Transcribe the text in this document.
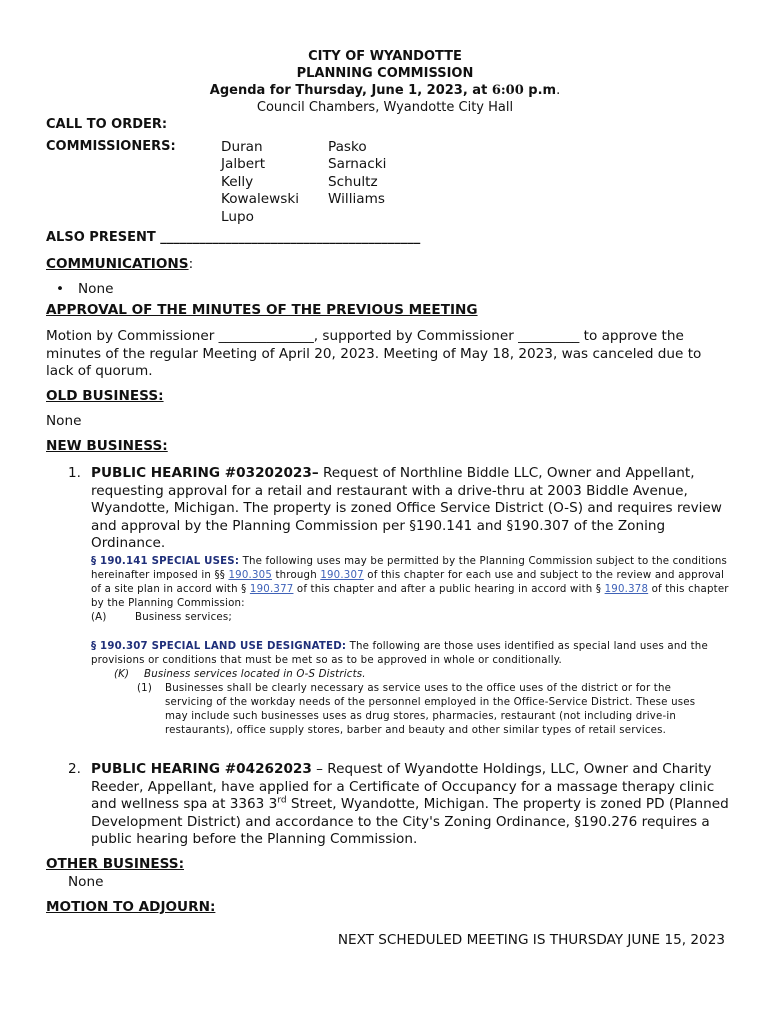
CITY OF WYANDOTTE
PLANNING COMMISSION
Agenda for Thursday, June 1, 2023, at 6:00 p.m.
Council Chambers, Wyandotte City Hall
CALL TO ORDER:
COMMISSIONERS:	Duran
Jalbert
Kelly
Kowalewski
Lupo
Pasko
Sarnacki
Schultz
Williams
ALSO PRESENT ________________________________________
COMMUNICATIONS:
• None
APPROVAL OF THE MINUTES OF THE PREVIOUS MEETING
Motion by Commissioner ______________, supported by Commissioner _________ to approve the minutes of the regular Meeting of April 20, 2023. Meeting of May 18, 2023, was canceled due to lack of quorum.
OLD BUSINESS:
None
NEW BUSINESS:
1. PUBLIC HEARING #03202023– Request of Northline Biddle LLC, Owner and Appellant, requesting approval for a retail and restaurant with a drive-thru at 2003 Biddle Avenue, Wyandotte, Michigan. The property is zoned Office Service District (O-S) and requires review and approval by the Planning Commission per §190.141 and §190.307 of the Zoning Ordinance.
§ 190.141 SPECIAL USES: The following uses may be permitted by the Planning Commission subject to the conditions hereinafter imposed in §§ 190.305 through 190.307 of this chapter for each use and subject to the review and approval of a site plan in accord with § 190.377 of this chapter and after a public hearing in accord with § 190.378 of this chapter by the Planning Commission:
(A)	Business services;
§ 190.307 SPECIAL LAND USE DESIGNATED: The following are those uses identified as special land uses and the provisions or conditions that must be met so as to be approved in whole or conditionally.
(K) Business services located in O-S Districts.
(1) Businesses shall be clearly necessary as service uses to the office uses of the district or for the servicing of the workday needs of the personnel employed in the Office-Service District. These uses may include such businesses uses as drug stores, pharmacies, restaurant (not including drive-in restaurants), office supply stores, barber and beauty and other similar types of retail services.
2. PUBLIC HEARING #04262023 – Request of Wyandotte Holdings, LLC, Owner and Charity Reeder, Appellant, have applied for a Certificate of Occupancy for a massage therapy clinic and wellness spa at 3363 3rd Street, Wyandotte, Michigan. The property is zoned PD (Planned Development District) and accordance to the City's Zoning Ordinance, §190.276 requires a public hearing before the Planning Commission.
OTHER BUSINESS:
None
MOTION TO ADJOURN:
NEXT SCHEDULED MEETING IS THURSDAY JUNE 15, 2023
